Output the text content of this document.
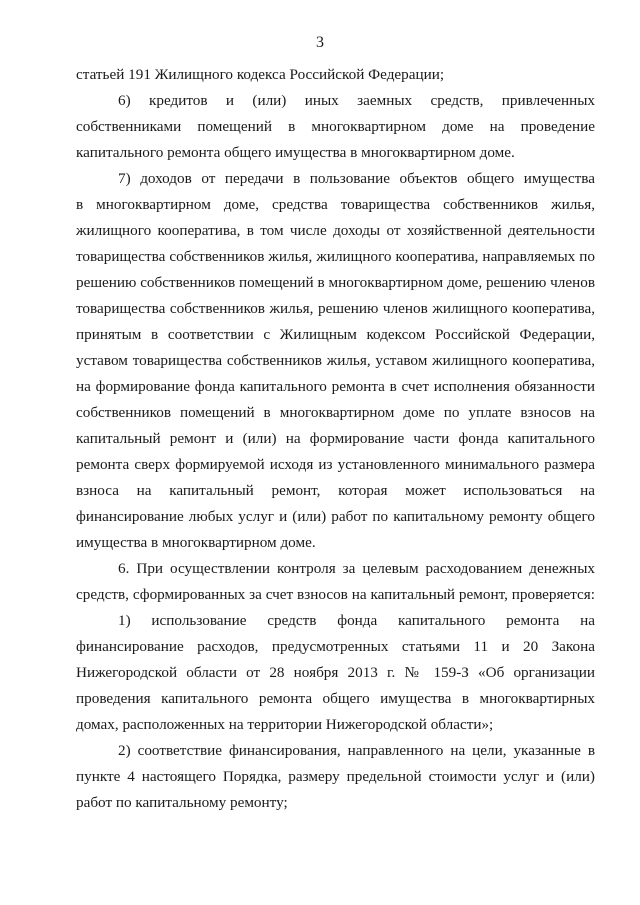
3
статьей 191 Жилищного кодекса Российской Федерации;
6) кредитов и (или) иных заемных средств, привлеченных
собственниками помещений в многоквартирном доме на проведение
капитального ремонта общего имущества в многоквартирном доме.
7) доходов от передачи в пользование объектов общего имущества
в многоквартирном доме, средства товарищества собственников жилья,
жилищного кооператива, в том числе доходы от хозяйственной деятельности
товарищества собственников жилья, жилищного кооператива, направляемых по
решению собственников помещений в многоквартирном доме, решению членов
товарищества собственников жилья, решению членов жилищного кооператива,
принятым в соответствии с Жилищным кодексом Российской Федерации,
уставом товарищества собственников жилья, уставом жилищного кооператива,
на формирование фонда капитального ремонта в счет исполнения обязанности
собственников помещений в многоквартирном доме по уплате взносов на
капитальный ремонт и (или) на формирование части фонда капитального
ремонта сверх формируемой исходя из установленного минимального размера
взноса на капитальный ремонт, которая может использоваться на
финансирование любых услуг и (или) работ по капитальному ремонту общего
имущества в многоквартирном доме.
6. При осуществлении контроля за целевым расходованием денежных
средств, сформированных за счет взносов на капитальный ремонт, проверяется:
1) использование средств фонда капитального ремонта на
финансирование расходов, предусмотренных статьями 11 и 20 Закона
Нижегородской области от 28 ноября 2013 г. № 159-З «Об организации
проведения капитального ремонта общего имущества в многоквартирных
домах, расположенных на территории Нижегородской области»;
2) соответствие финансирования, направленного на цели, указанные в
пункте 4 настоящего Порядка, размеру предельной стоимости услуг и (или)
работ по капитальному ремонту;
